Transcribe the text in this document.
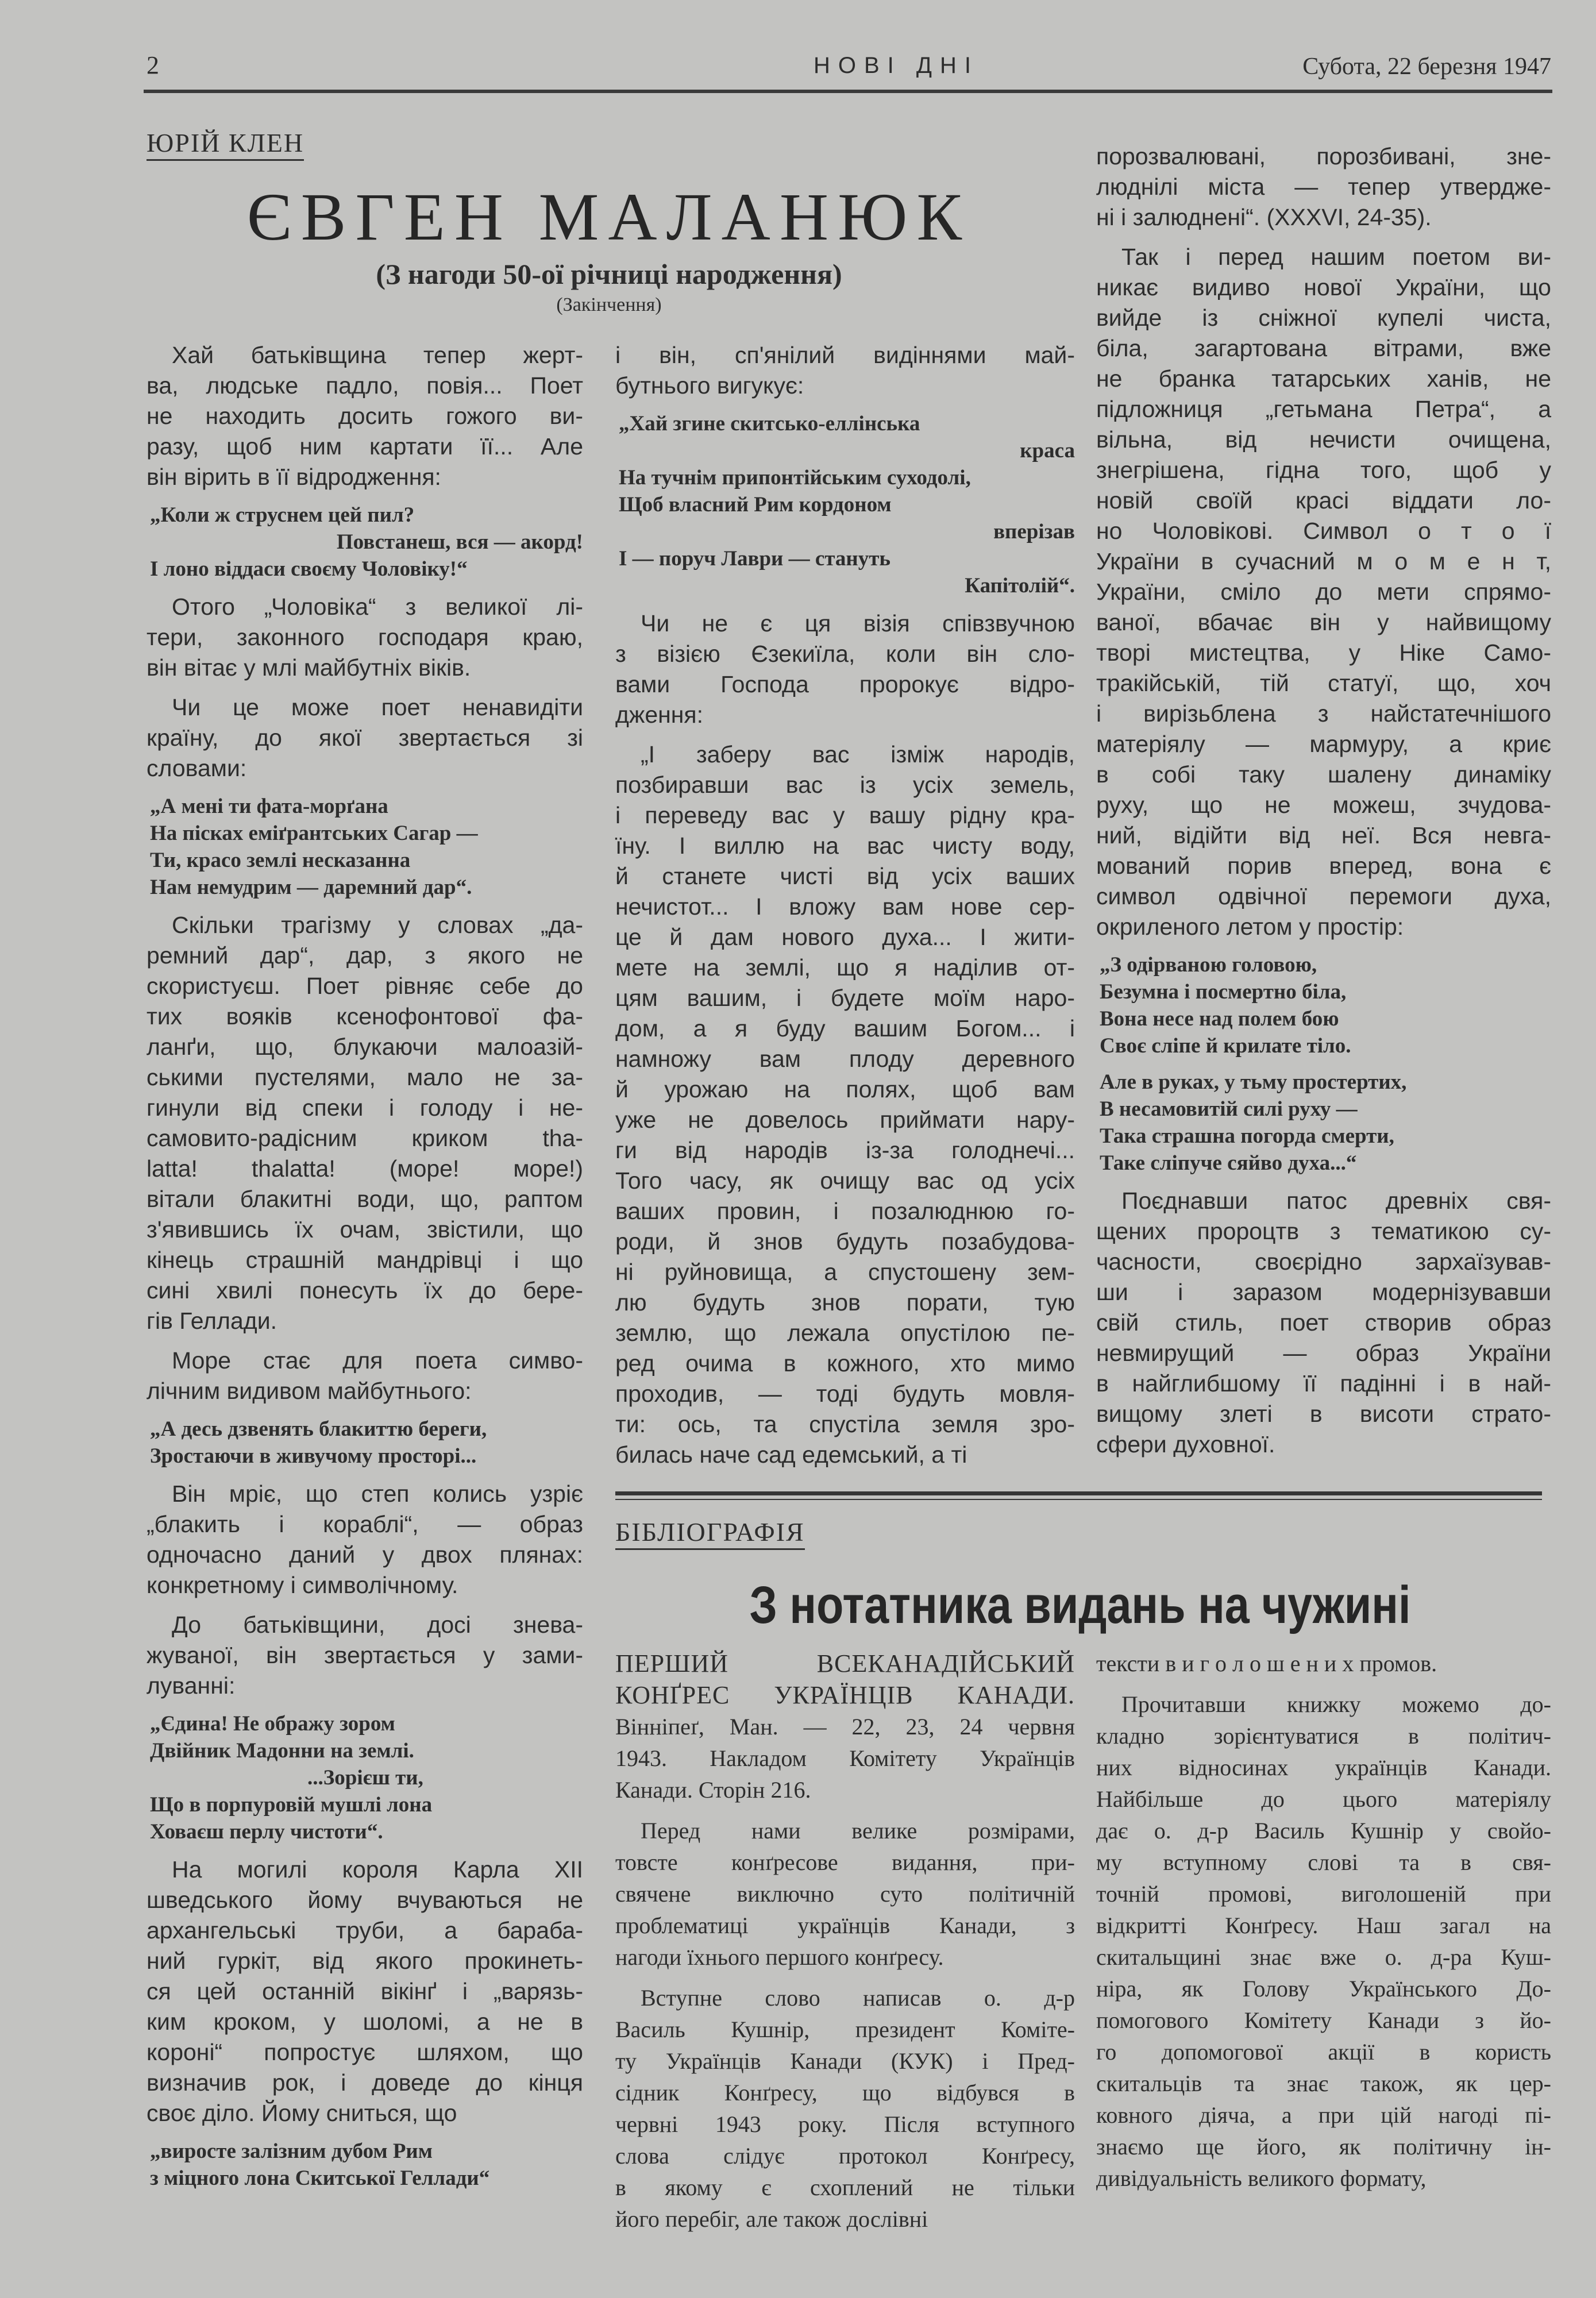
2	НОВІ ДНІ	Субота, 22 березня 1947
ЮРІЙ КЛЕН
ЄВГЕН МАЛАНЮК
(З нагоди 50-ої річниці народження)
(Закінчення)
Хай батьківщина тепер жерт-
ва, людське падло, повія... Поет
не находить досить гожого ви-
разу, щоб ним картати її... Але
він вірить в її відродження:
„Коли ж струснем цей пил?
Повстанеш, вся — акорд!
І лоно віддаси своєму Чоловіку!“
Отого „Чоловіка“ з великої лі-
тери, законного господаря краю,
він вітає у млі майбутніх віків.
Чи це може поет ненавидіти
країну, до якої звертається зі
словами:
„А мені ти фата-морґана
На пісках еміґрантських Сагар —
Ти, красо землі несказанна
Нам немудрим — даремний дар“.
Скільки трагізму у словах „да-
ремний дар“, дар, з якого не
скористуєш. Поет рівняє себе до
тих вояків ксенофонтової фа-
ланґи, що, блукаючи малоазій-
ськими пустелями, мало не за-
гинули від спеки і голоду і не-
самовито-радісним криком tha-
latta! thalatta! (море! море!)
вітали блакитні води, що, раптом
з'явившись їх очам, звістили, що
кінець страшній мандрівці і що
сині хвилі понесуть їх до бере-
гів Геллади.
Море стає для поета симво-
лічним видивом майбутнього:
„А десь дзвенять блакиттю береги,
Зростаючи в живучому просторі...
Він мріє, що степ колись узріє
„блакить і кораблі“, — образ
одночасно даний у двох плянах:
конкретному і символічному.
До батьківщини, досі знева-
жуваної, він звертається у зами-
луванні:
„Єдина! Не ображу зором
Двійник Мадонни на землі.
...Зорієш ти,
Що в порпуровій мушлі лона
Ховаєш перлу чистоти“.
На могилі короля Карла XII
шведського йому вчуваються не
архангельські труби, а бараба-
ний гуркіт, від якого прокинеть-
ся цей останній вікінґ і „варязь-
ким кроком, у шоломі, а не в
короні“ попростує шляхом, що
визначив рок, і доведе до кінця
своє діло. Йому сниться, що
„виросте залізним дубом Рим
з міцного лона Скитської Геллади“
і він, сп'янілий видіннями май-
бутнього вигукує:
„Хай згине скитсько-еллінська
краса
На тучнім припонтійським суходолі,
Щоб власний Рим кордоном
вперізав
І — поруч Лаври — стануть
Капітолій“.
Чи не є ця візія співзвучною
з візією Єзекиїла, коли він сло-
вами Господа пророкує відро-
дження:
„І заберу вас ізміж народів,
позбиравши вас із усіх земель,
і переведу вас у вашу рідну кра-
їну. І виллю на вас чисту воду,
й станете чисті від усіх ваших
нечистот... І вложу вам нове сер-
це й дам нового духа... І жити-
мете на землі, що я наділив от-
цям вашим, і будете моїм наро-
дом, а я буду вашим Богом... і
намножу вам плоду деревного
й урожаю на полях, щоб вам
уже не довелось приймати нару-
ги від народів із-за голоднечі...
Того часу, як очищу вас од усіх
ваших провин, і позалюднюю го-
роди, й знов будуть позабудова-
ні руйновища, а спустошену зем-
лю будуть знов порати, тую
землю, що лежала опустілою пе-
ред очима в кожного, хто мимо
проходив, — тоді будуть мовля-
ти: ось, та спустіла земля зро-
билась наче сад едемський, а ті
порозвалювані, порозбивані, зне-
люднілі міста — тепер утвердже-
ні і залюднені“. (XXXVI, 24-35).
Так і перед нашим поетом ви-
никає видиво нової України, що
вийде із сніжної купелі чиста,
біла, загартована вітрами, вже
не бранка татарських ханів, не
підложниця „гетьмана Петра“, а
вільна, від нечисти очищена,
знегрішена, гідна того, щоб у
новій своїй красі віддати ло-
но Чоловікові. Символ о т о ї
України в сучасний м о м е н т,
України, сміло до мети спрямо-
ваної, вбачає він у найвищому
творі мистецтва, у Ніке Само-
тракійській, тій статуї, що, хоч
і вирізьблена з найстатечнішого
матеріялу — мармуру, а криє
в собі таку шалену динаміку
руху, що не можеш, зчудова-
ний, відійти від неї. Вся невга-
мований порив вперед, вона є
символ одвічної перемоги духа,
окриленого летом у простір:
„З одірваною головою,
Безумна і посмертно біла,
Вона несе над полем бою
Своє сліпе й крилате тіло.
Але в руках, у тьму простертих,
В несамовитій силі руху —
Така страшна погорда смерти,
Таке сліпуче сяйво духа...“
Поєднавши патос древніх свя-
щених пророцтв з тематикою су-
часности, своєрідно зархаїзував-
ши і заразом модернізувавши
свій стиль, поет створив образ
невмирущий — образ України
в найглибшому її падінні і в най-
вищому злеті в висоти страто-
сфери духовної.
БІБЛІОГРАФІЯ
З нотатника видань на чужині
ПЕРШИЙ ВСЕКАНАДІЙСЬКИЙ
КОНҐРЕС УКРАЇНЦІВ КАНАДИ.
Вінніпеґ, Ман. — 22, 23, 24 червня
1943. Накладом Комітету Українців
Канади. Сторін 216.
Перед нами велике розмірами,
товсте конґресове видання, при-
свячене виключно суто політичній
проблематиці українців Канади, з
нагоди їхнього першого конґресу.
Вступне слово написав о. д-р
Василь Кушнір, президент Коміте-
ту Українців Канади (КУК) і Пред-
сідник Конґресу, що відбувся в
червні 1943 року. Після вступного
слова слідує протокол Конґресу,
в якому є схоплений не тільки
його перебіг, але також дослівні
тексти в и г о л о ш е н и х промов.
Прочитавши книжку можемо до-
кладно зорієнтуватися в політич-
них відносинах українців Канади.
Найбільше до цього матеріялу
дає о. д-р Василь Кушнір у свойо-
му вступному слові та в свя-
точній промові, виголошеній при
відкритті Конґресу. Наш загал на
скитальщині знає вже о. д-ра Куш-
ніра, як Голову Українського До-
помогового Комітету Канади з йо-
го допомогової акції в користь
скитальців та знає також, як цер-
ковного діяча, а при цій нагоді пі-
знаємо ще його, як політичну ін-
дивідуальність великого формату,
